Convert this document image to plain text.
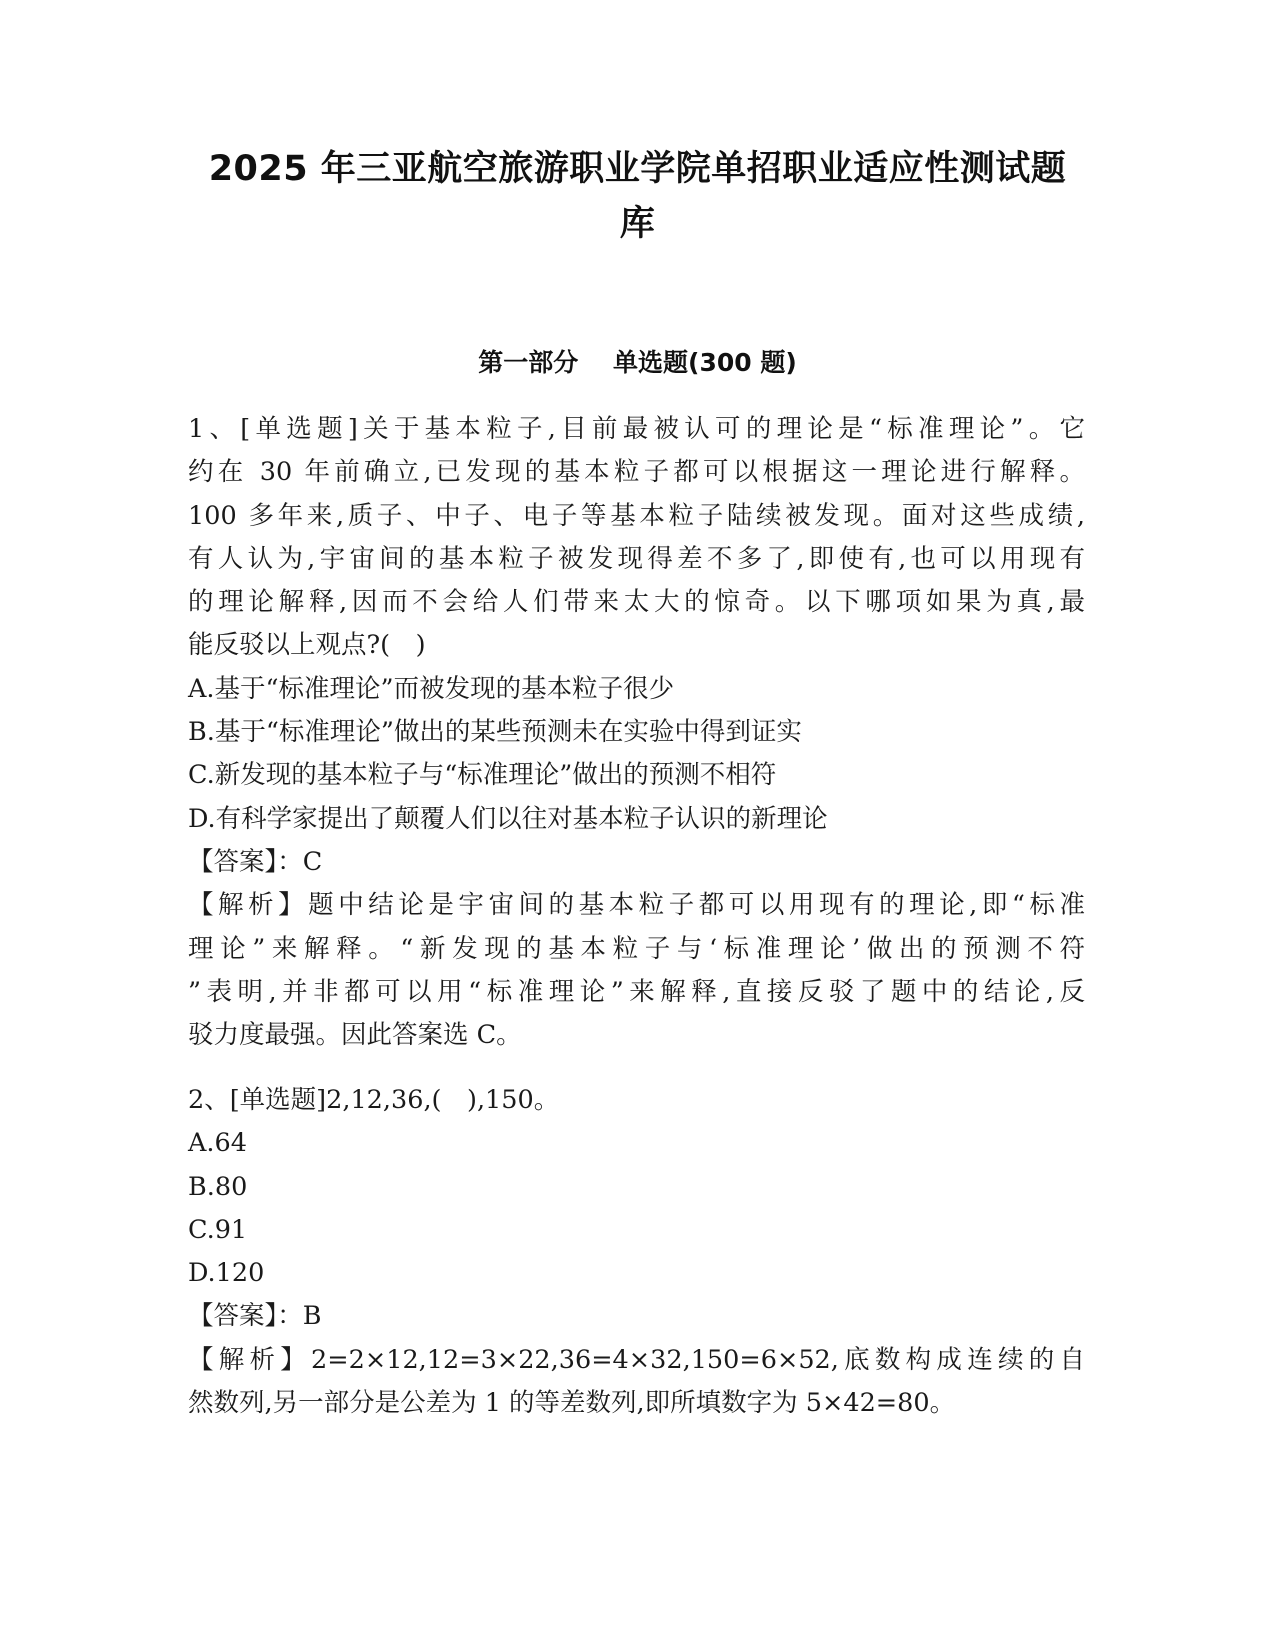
2025 年三亚航空旅游职业学院单招职业适应性测试题
库
第一部分    单选题(300 题)
1、[单选题]关于基本粒子,目前最被认可的理论是“标准理论”。它
约在 30 年前确立,已发现的基本粒子都可以根据这一理论进行解释。
100 多年来,质子、中子、电子等基本粒子陆续被发现。面对这些成绩,
有人认为,宇宙间的基本粒子被发现得差不多了,即使有,也可以用现有
的理论解释,因而不会给人们带来太大的惊奇。以下哪项如果为真,最
能反驳以上观点?(　)
A.基于“标准理论”而被发现的基本粒子很少
B.基于“标准理论”做出的某些预测未在实验中得到证实
C.新发现的基本粒子与“标准理论”做出的预测不相符
D.有科学家提出了颠覆人们以往对基本粒子认识的新理论
【答案】：C
【解析】题中结论是宇宙间的基本粒子都可以用现有的理论,即“标准
理论”来解释。“新发现的基本粒子与‘标准理论’做出的预测不符
”表明,并非都可以用“标准理论”来解释,直接反驳了题中的结论,反
驳力度最强。因此答案选 C。
2、[单选题]2,12,36,(　),150。
A.64
B.80
C.91
D.120
【答案】：B
【解析】2=2×12,12=3×22,36=4×32,150=6×52,底数构成连续的自
然数列,另一部分是公差为 1 的等差数列,即所填数字为 5×42=80。
